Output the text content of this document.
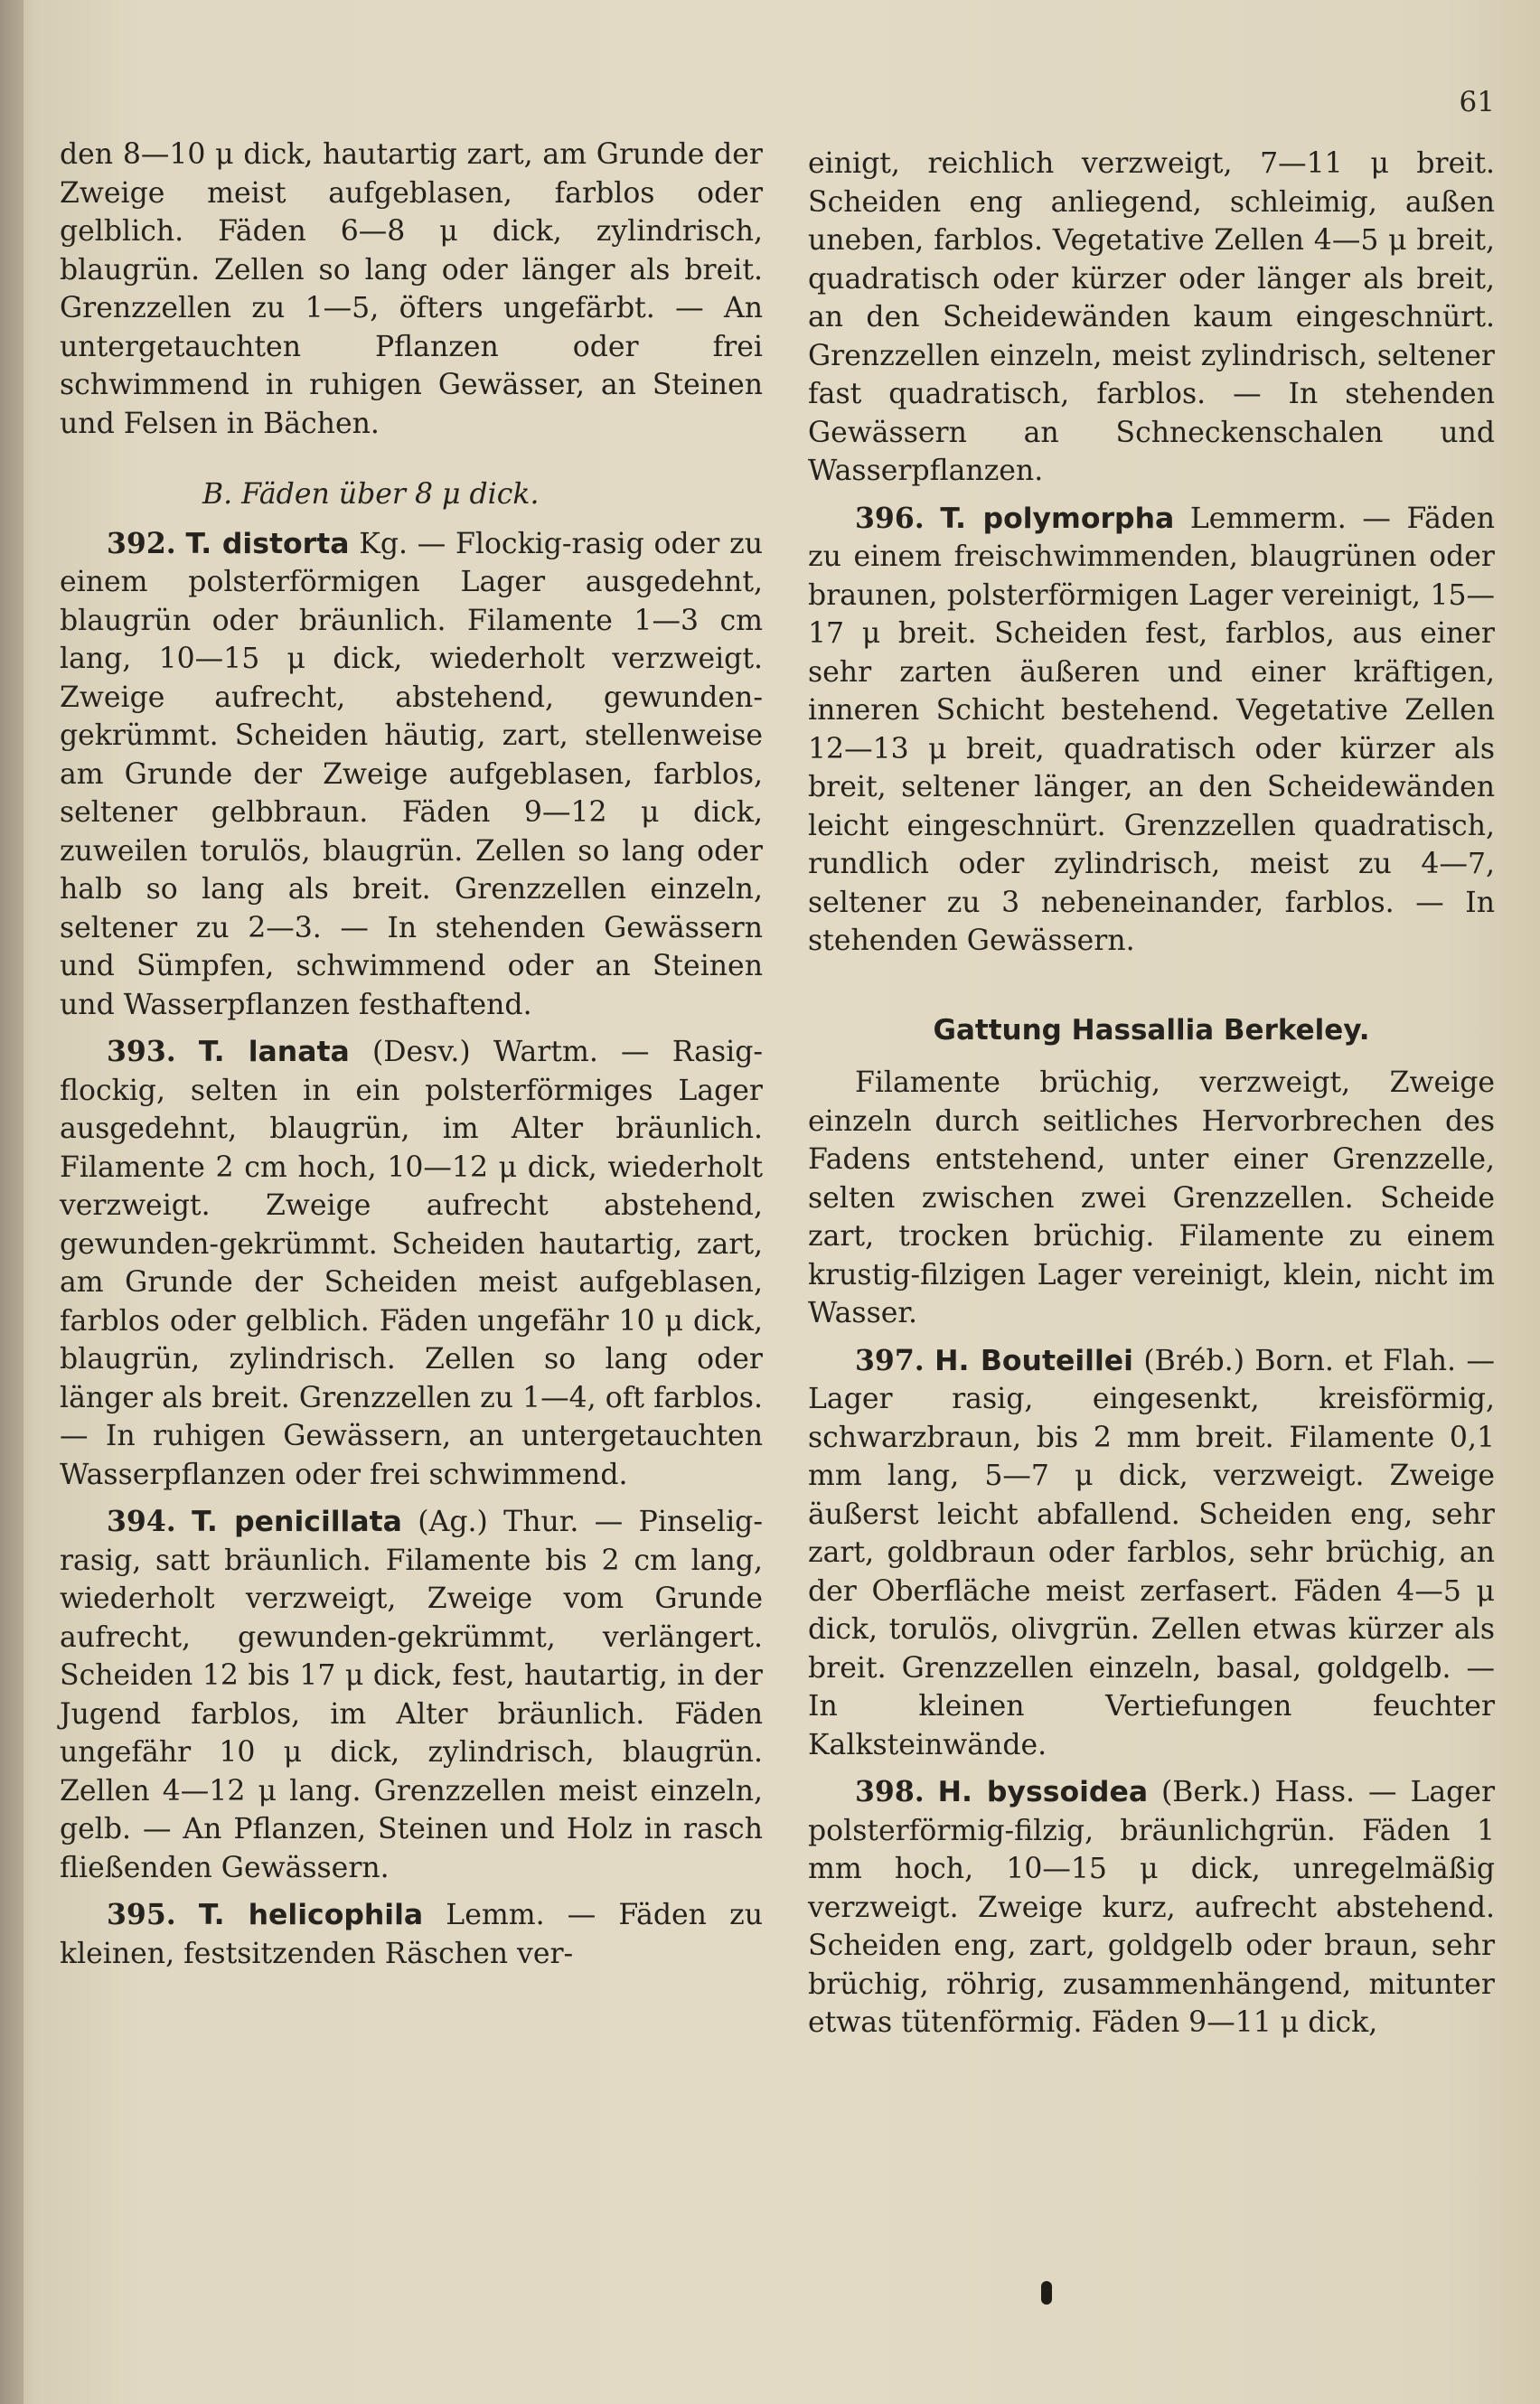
61

den 8—10 μ dick, hautartig zart, am Grunde der Zweige meist aufgeblasen, farblos oder gelblich. Fäden 6—8 μ dick, zylindrisch, blaugrün. Zellen so lang oder länger als breit. Grenzzellen zu 1—5, öfters ungefärbt. — An untergetauchten Pflanzen oder frei schwimmend in ruhigen Gewässer, an Steinen und Felsen in Bächen.

B. Fäden über 8 μ dick.

392. T. distorta Kg. — Flockig-rasig oder zu einem polsterförmigen Lager ausgedehnt, blaugrün oder bräunlich. Filamente 1—3 cm lang, 10—15 μ dick, wiederholt verzweigt. Zweige aufrecht, abstehend, gewunden-gekrümmt. Scheiden häutig, zart, stellenweise am Grunde der Zweige aufgeblasen, farblos, seltener gelbbraun. Fäden 9—12 μ dick, zuweilen torulös, blaugrün. Zellen so lang oder halb so lang als breit. Grenzzellen einzeln, seltener zu 2—3. — In stehenden Gewässern und Sümpfen, schwimmend oder an Steinen und Wasserpflanzen festhaftend.

393. T. lanata (Desv.) Wartm. — Rasig-flockig, selten in ein polsterförmiges Lager ausgedehnt, blaugrün, im Alter bräunlich. Filamente 2 cm hoch, 10—12 μ dick, wiederholt verzweigt. Zweige aufrecht abstehend, gewunden-gekrümmt. Scheiden hautartig, zart, am Grunde der Scheiden meist aufgeblasen, farblos oder gelblich. Fäden ungefähr 10 μ dick, blaugrün, zylindrisch. Zellen so lang oder länger als breit. Grenzzellen zu 1—4, oft farblos. — In ruhigen Gewässern, an untergetauchten Wasserpflanzen oder frei schwimmend.

394. T. penicillata (Ag.) Thur. — Pinselig-rasig, satt bräunlich. Filamente bis 2 cm lang, wiederholt verzweigt, Zweige vom Grunde aufrecht, gewunden-gekrümmt, verlängert. Scheiden 12 bis 17 μ dick, fest, hautartig, in der Jugend farblos, im Alter bräunlich. Fäden ungefähr 10 μ dick, zylindrisch, blaugrün. Zellen 4—12 μ lang. Grenzzellen meist einzeln, gelb. — An Pflanzen, Steinen und Holz in rasch fließenden Gewässern.

395. T. helicophila Lemm. — Fäden zu kleinen, festsitzenden Räschen ver-

einigt, reichlich verzweigt, 7—11 μ breit. Scheiden eng anliegend, schleimig, außen uneben, farblos. Vegetative Zellen 4—5 μ breit, quadratisch oder kürzer oder länger als breit, an den Scheidewänden kaum eingeschnürt. Grenzzellen einzeln, meist zylindrisch, seltener fast quadratisch, farblos. — In stehenden Gewässern an Schneckenschalen und Wasserpflanzen.

396. T. polymorpha Lemmerm. — Fäden zu einem freischwimmenden, blaugrünen oder braunen, polsterförmigen Lager vereinigt, 15—17 μ breit. Scheiden fest, farblos, aus einer sehr zarten äußeren und einer kräftigen, inneren Schicht bestehend. Vegetative Zellen 12—13 μ breit, quadratisch oder kürzer als breit, seltener länger, an den Scheidewänden leicht eingeschnürt. Grenzzellen quadratisch, rundlich oder zylindrisch, meist zu 4—7, seltener zu 3 nebeneinander, farblos. — In stehenden Gewässern.

Gattung Hassallia Berkeley.

Filamente brüchig, verzweigt, Zweige einzeln durch seitliches Hervorbrechen des Fadens entstehend, unter einer Grenzzelle, selten zwischen zwei Grenzzellen. Scheide zart, trocken brüchig. Filamente zu einem krustig-filzigen Lager vereinigt, klein, nicht im Wasser.

397. H. Bouteillei (Bréb.) Born. et Flah. — Lager rasig, eingesenkt, kreisförmig, schwarzbraun, bis 2 mm breit. Filamente 0,1 mm lang, 5—7 μ dick, verzweigt. Zweige äußerst leicht abfallend. Scheiden eng, sehr zart, goldbraun oder farblos, sehr brüchig, an der Oberfläche meist zerfasert. Fäden 4—5 μ dick, torulös, olivgrün. Zellen etwas kürzer als breit. Grenzzellen einzeln, basal, goldgelb. — In kleinen Vertiefungen feuchter Kalksteinwände.

398. H. byssoidea (Berk.) Hass. — Lager polsterförmig-filzig, bräunlichgrün. Fäden 1 mm hoch, 10—15 μ dick, unregelmäßig verzweigt. Zweige kurz, aufrecht abstehend. Scheiden eng, zart, goldgelb oder braun, sehr brüchig, röhrig, zusammenhängend, mitunter etwas tütenförmig. Fäden 9—11 μ dick,
